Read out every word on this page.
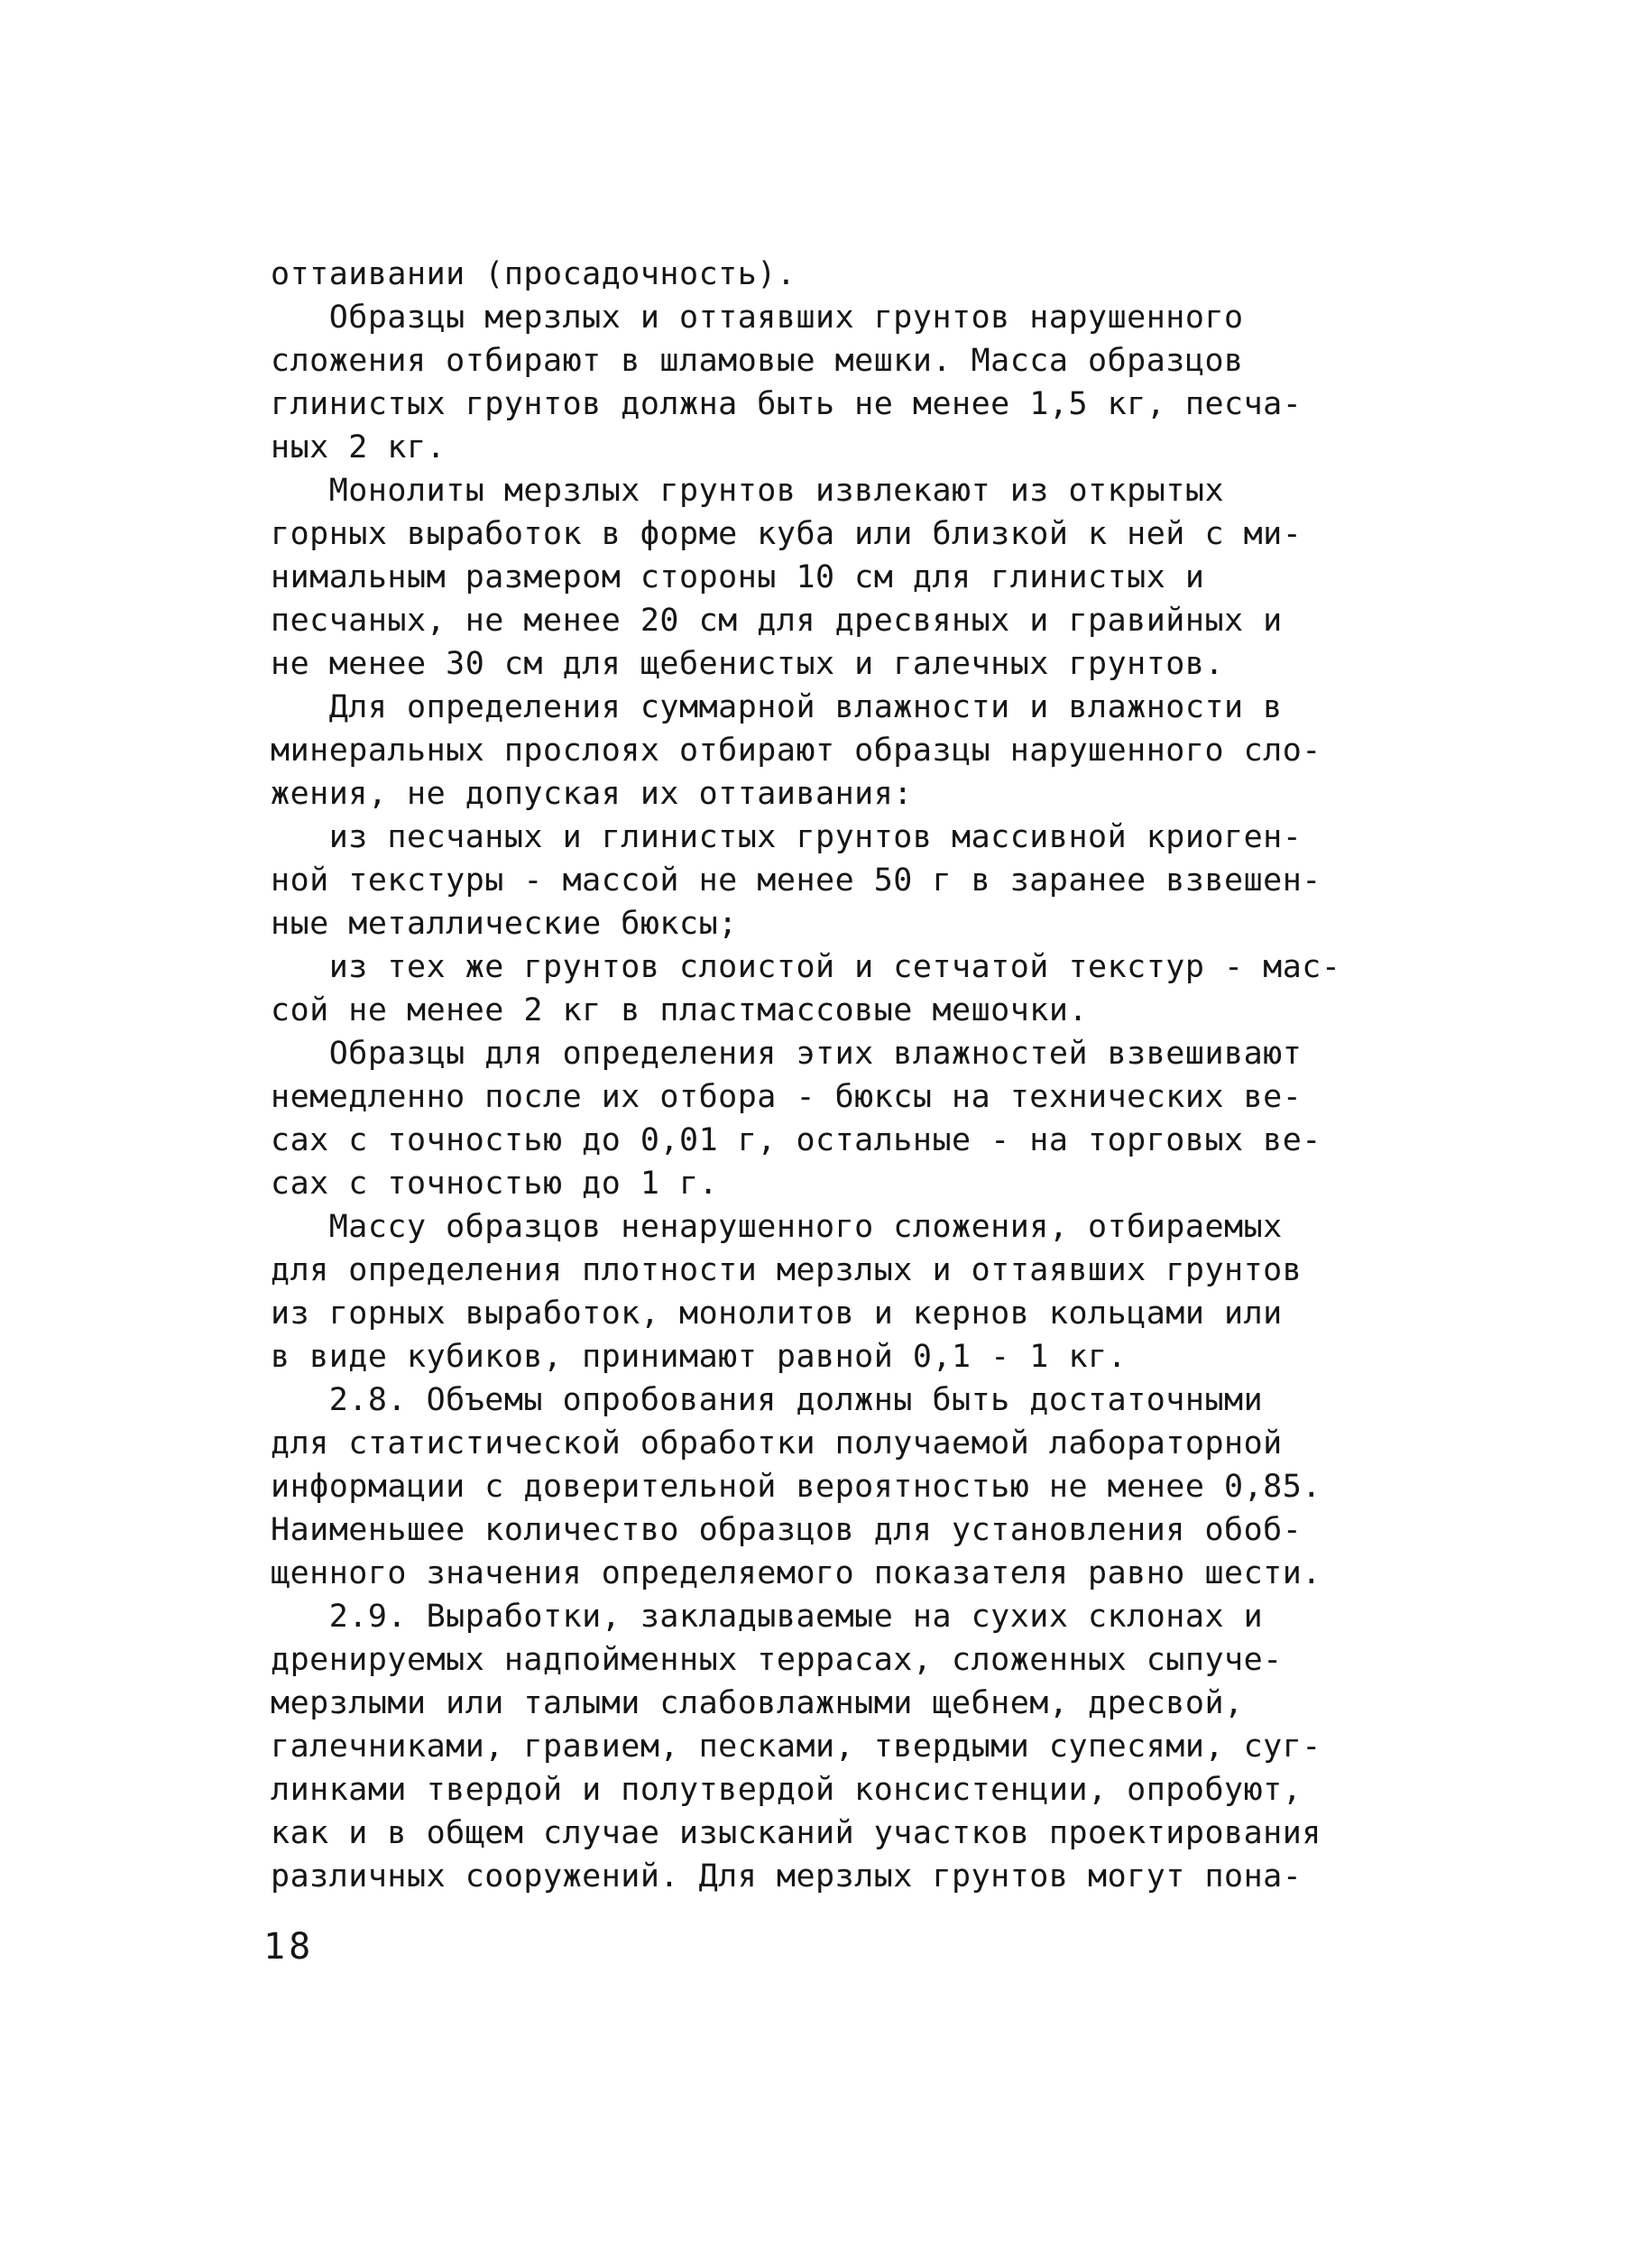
оттаивании (просадочность).
Образцы мерзлых и оттаявших грунтов нарушенного
сложения отбирают в шламовые мешки. Масса образцов
глинистых грунтов должна быть не менее 1,5 кг, песча-
ных 2 кг.
Монолиты мерзлых грунтов извлекают из открытых
горных выработок в форме куба или близкой к ней с ми-
нимальным размером стороны 10 см для глинистых и
песчаных, не менее 20 см для дресвяных и гравийных и
не менее 30 см для щебенистых и галечных грунтов.
Для определения суммарной влажности и влажности в
минеральных прослоях отбирают образцы нарушенного сло-
жения, не допуская их оттаивания:
из песчаных и глинистых грунтов массивной криоген-
ной текстуры - массой не менее 50 г в заранее взвешен-
ные металлические бюксы;
из тех же грунтов слоистой и сетчатой текстур - мас-
сой не менее 2 кг в пластмассовые мешочки.
Образцы для определения этих влажностей взвешивают
немедленно после их отбора - бюксы на технических ве-
сах с точностью до 0,01 г, остальные - на торговых ве-
сах с точностью до 1 г.
Массу образцов ненарушенного сложения, отбираемых
для определения плотности мерзлых и оттаявших грунтов
из горных выработок, монолитов и кернов кольцами или
в виде кубиков, принимают равной 0,1 - 1 кг.
2.8. Объемы опробования должны быть достаточными
для статистической обработки получаемой лабораторной
информации с доверительной вероятностью не менее 0,85.
Наименьшее количество образцов для установления обоб-
щенного значения определяемого показателя равно шести.
2.9. Выработки, закладываемые на сухих склонах и
дренируемых надпойменных террасах, сложенных сыпуче-
мерзлыми или талыми слабовлажными щебнем, дресвой,
галечниками, гравием, песками, твердыми супесями, суг-
линками твердой и полутвердой консистенции, опробуют,
как и в общем случае изысканий участков проектирования
различных сооружений. Для мерзлых грунтов могут пона-
18
